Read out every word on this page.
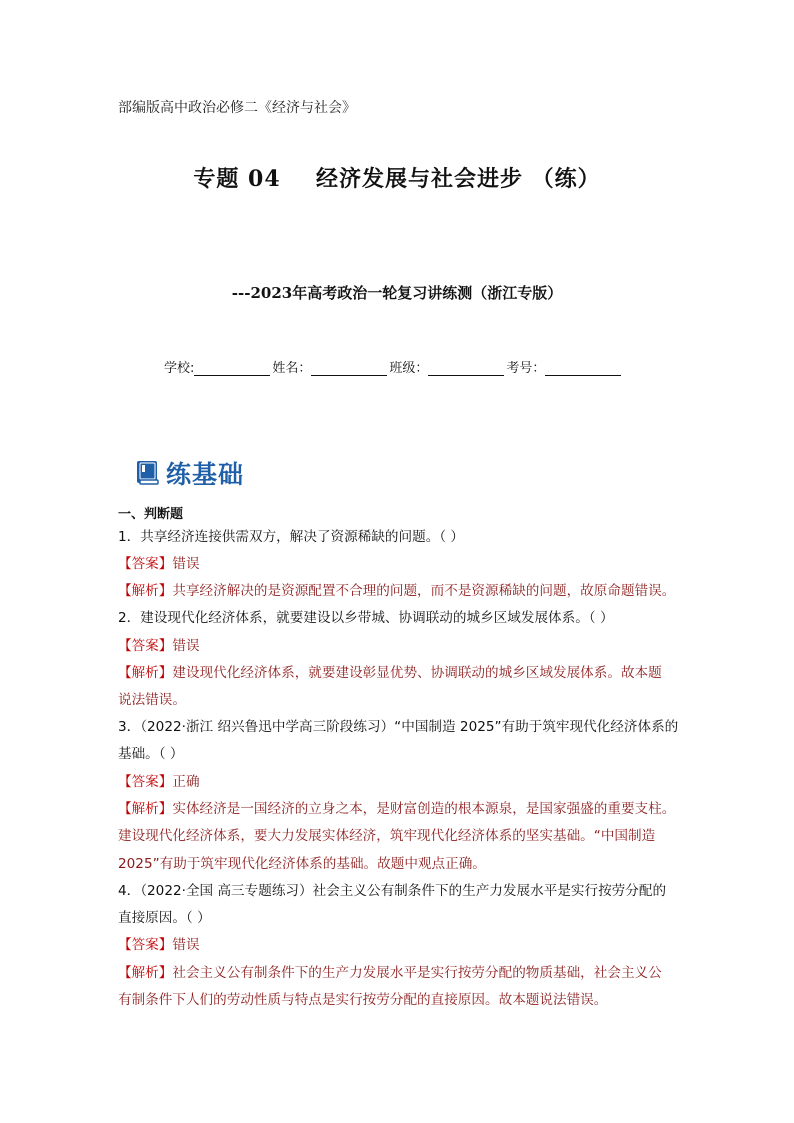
部编版高中政治必修二《经济与社会》
专题 04 经济发展与社会进步 （练）
---2023年高考政治一轮复习讲练测（浙江专版）
学校:	姓名：	班级：	考号：
练基础
一、判断题
1．共享经济连接供需双方，解决了资源稀缺的问题。（ ）
【答案】错误
【解析】共享经济解决的是资源配置不合理的问题，而不是资源稀缺的问题，故原命题错误。
2．建设现代化经济体系，就要建设以乡带城、协调联动的城乡区域发展体系。（ ）
【答案】错误
【解析】建设现代化经济体系，就要建设彰显优势、协调联动的城乡区域发展体系。故本题
说法错误。
3．（2022·浙江 绍兴鲁迅中学高三阶段练习）“中国制造 2025”有助于筑牢现代化经济体系的
基础。（ ）
【答案】正确
【解析】实体经济是一国经济的立身之本，是财富创造的根本源泉，是国家强盛的重要支柱。
建设现代化经济体系，要大力发展实体经济，筑牢现代化经济体系的坚实基础。“中国制造
2025”有助于筑牢现代化经济体系的基础。故题中观点正确。
4．（2022·全国 高三专题练习）社会主义公有制条件下的生产力发展水平是实行按劳分配的
直接原因。（ ）
【答案】错误
【解析】社会主义公有制条件下的生产力发展水平是实行按劳分配的物质基础，社会主义公
有制条件下人们的劳动性质与特点是实行按劳分配的直接原因。故本题说法错误。
